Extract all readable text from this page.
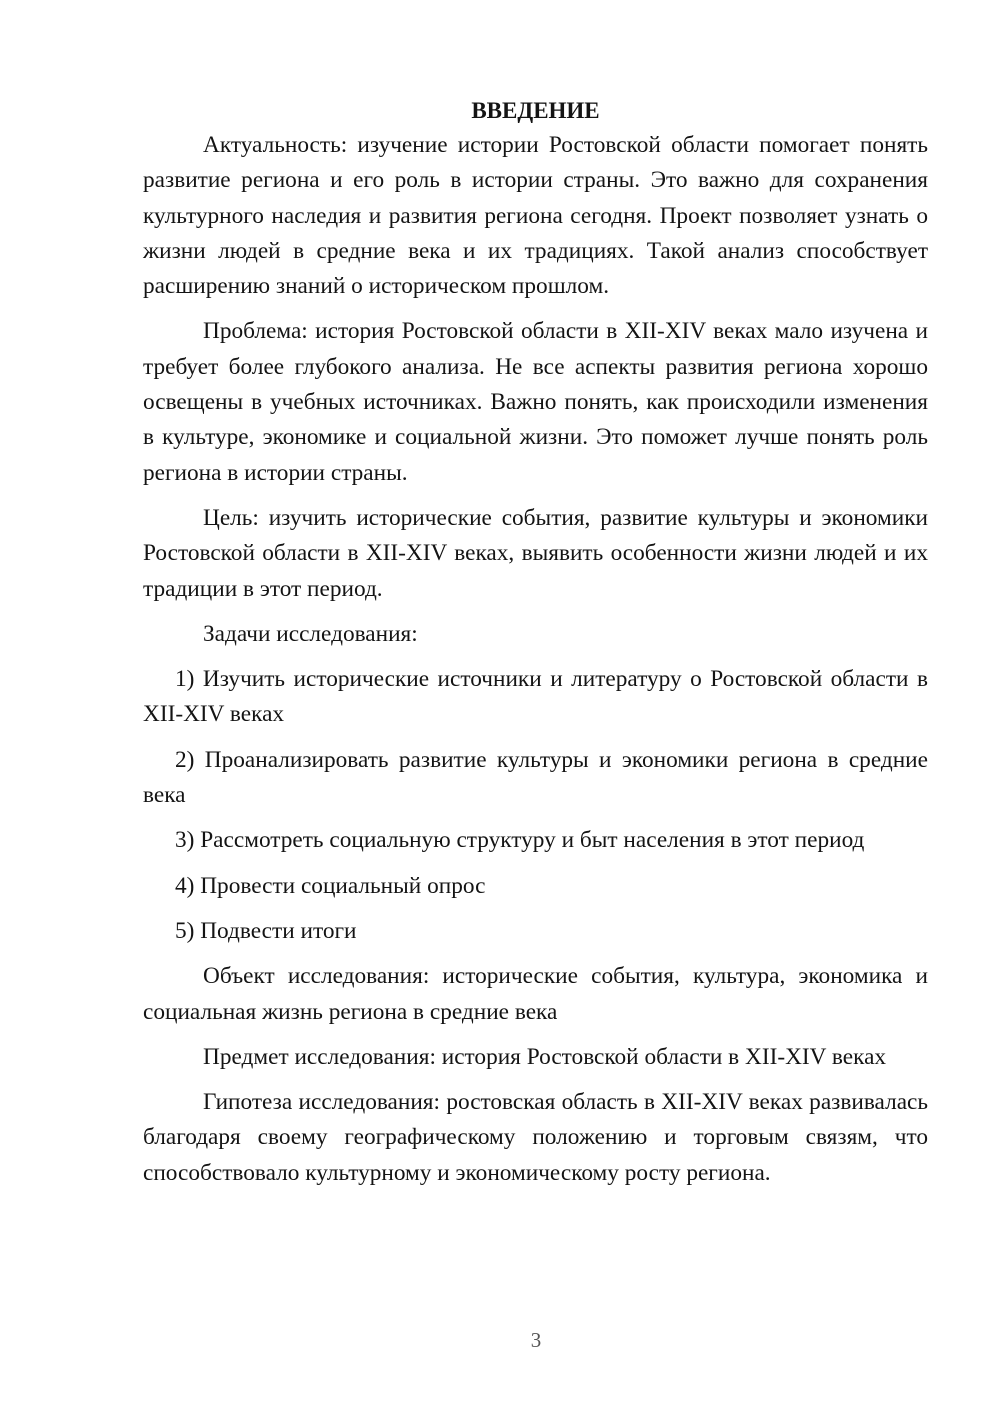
ВВЕДЕНИЕ

Актуальность: изучение истории Ростовской области помогает понять развитие региона и его роль в истории страны. Это важно для сохранения культурного наследия и развития региона сегодня. Проект позволяет узнать о жизни людей в средние века и их традициях. Такой анализ способствует расширению знаний о историческом прошлом.

Проблема: история Ростовской области в XII-XIV веках мало изучена и требует более глубокого анализа. Не все аспекты развития региона хорошо освещены в учебных источниках. Важно понять, как происходили изменения в культуре, экономике и социальной жизни. Это поможет лучше понять роль региона в истории страны.

Цель: изучить исторические события, развитие культуры и экономики Ростовской области в XII-XIV веках, выявить особенности жизни людей и их традиции в этот период.

Задачи исследования:

1) Изучить исторические источники и литературу о Ростовской области в XII-XIV веках

2) Проанализировать развитие культуры и экономики региона в средние века

3) Рассмотреть социальную структуру и быт населения в этот период

4) Провести социальный опрос

5) Подвести итоги

Объект исследования: исторические события, культура, экономика и социальная жизнь региона в средние века

Предмет исследования: история Ростовской области в XII-XIV веках

Гипотеза исследования: ростовская область в XII-XIV веках развивалась благодаря своему географическому положению и торговым связям, что способствовало культурному и экономическому росту региона.

3
